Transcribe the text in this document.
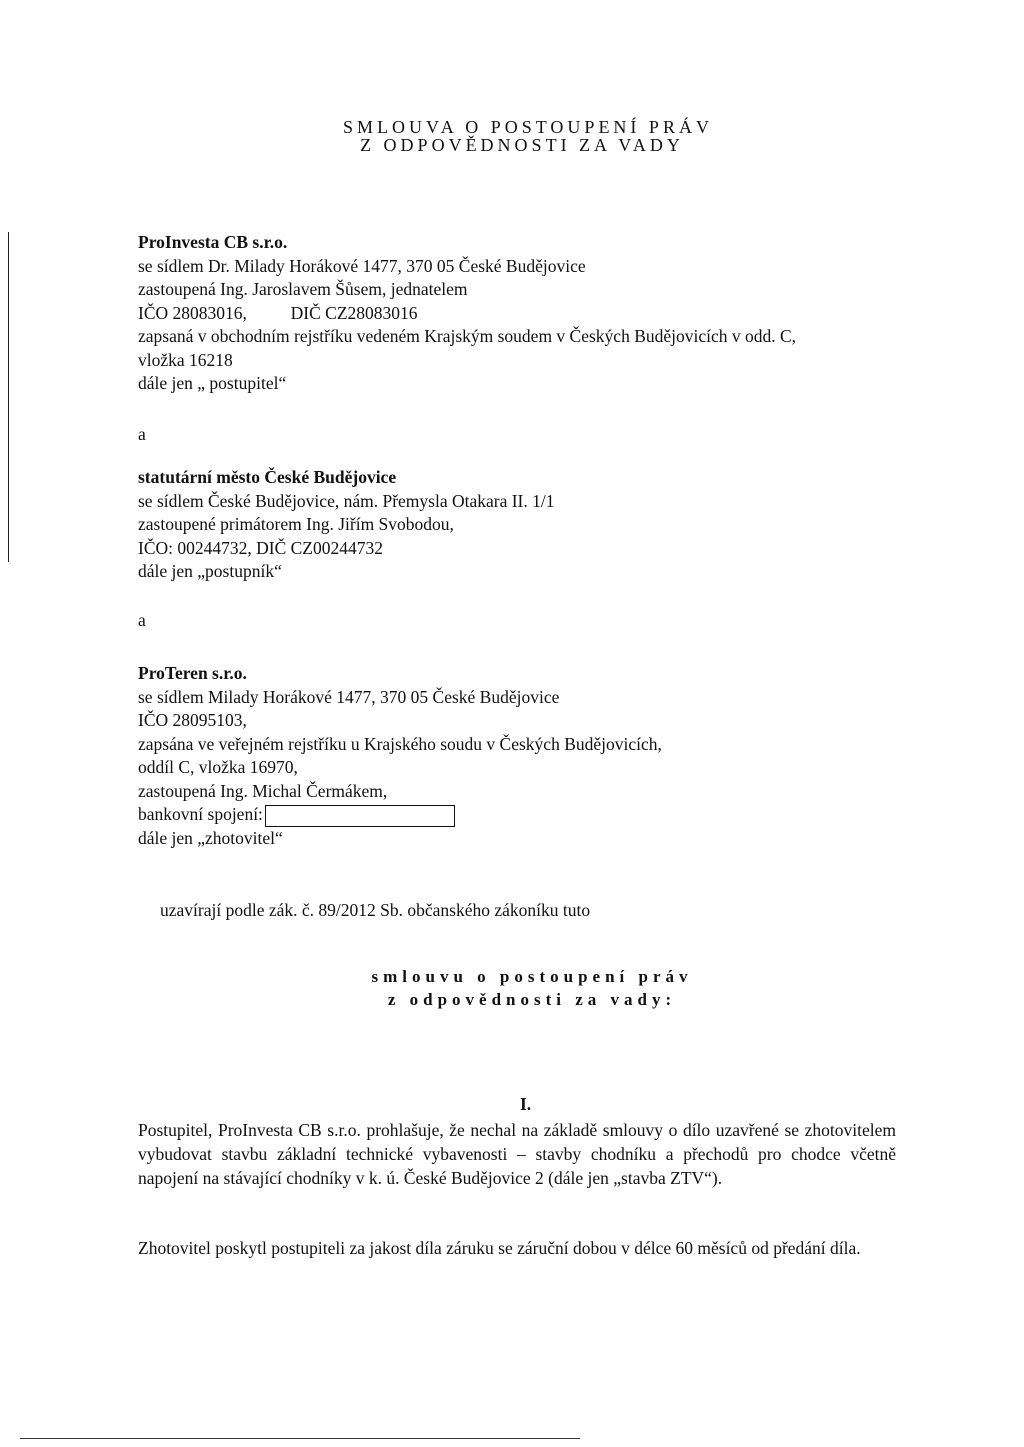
SMLOUVA O POSTOUPENÍ PRÁV
Z ODPOVĚDNOSTI ZA VADY
ProInvesta CB s.r.o.
se sídlem Dr. Milady Horákové 1477, 370 05 České Budějovice
zastoupená Ing. Jaroslavem Šůsem, jednatelem
IČO 28083016,          DIČ CZ28083016
zapsaná v obchodním rejstříku vedeném Krajským soudem v Českých Budějovicích v odd. C,
vložka 16218
dále jen „ postupitel“
a
statutární město České Budějovice
se sídlem České Budějovice, nám. Přemysla Otakara II. 1/1
zastoupené primátorem Ing. Jiřím Svobodou,
IČO: 00244732, DIČ CZ00244732
dále jen „postupník“
a
ProTeren s.r.o.
se sídlem Milady Horákové 1477, 370 05 České Budějovice
IČO 28095103,
zapsána ve veřejném rejstříku u Krajského soudu v Českých Budějovicích,
oddíl C, vložka 16970,
zastoupená Ing. Michal Čermákem,
bankovní spojení:
dále jen „zhotovitel“
uzavírají podle zák. č. 89/2012 Sb. občanského zákoníku tuto
smlouvu o postoupení práv
z odpovědnosti za vady:
I.
Postupitel, ProInvesta CB s.r.o. prohlašuje, že nechal na základě smlouvy o dílo uzavřené se zhotovitelem vybudovat stavbu základní technické vybavenosti – stavby chodníku a přechodů pro chodce včetně napojení na stávající chodníky v k. ú. České Budějovice 2 (dále jen „stavba ZTV“).
Zhotovitel poskytl postupiteli za jakost díla záruku se záruční dobou v délce 60 měsíců od předání díla.
